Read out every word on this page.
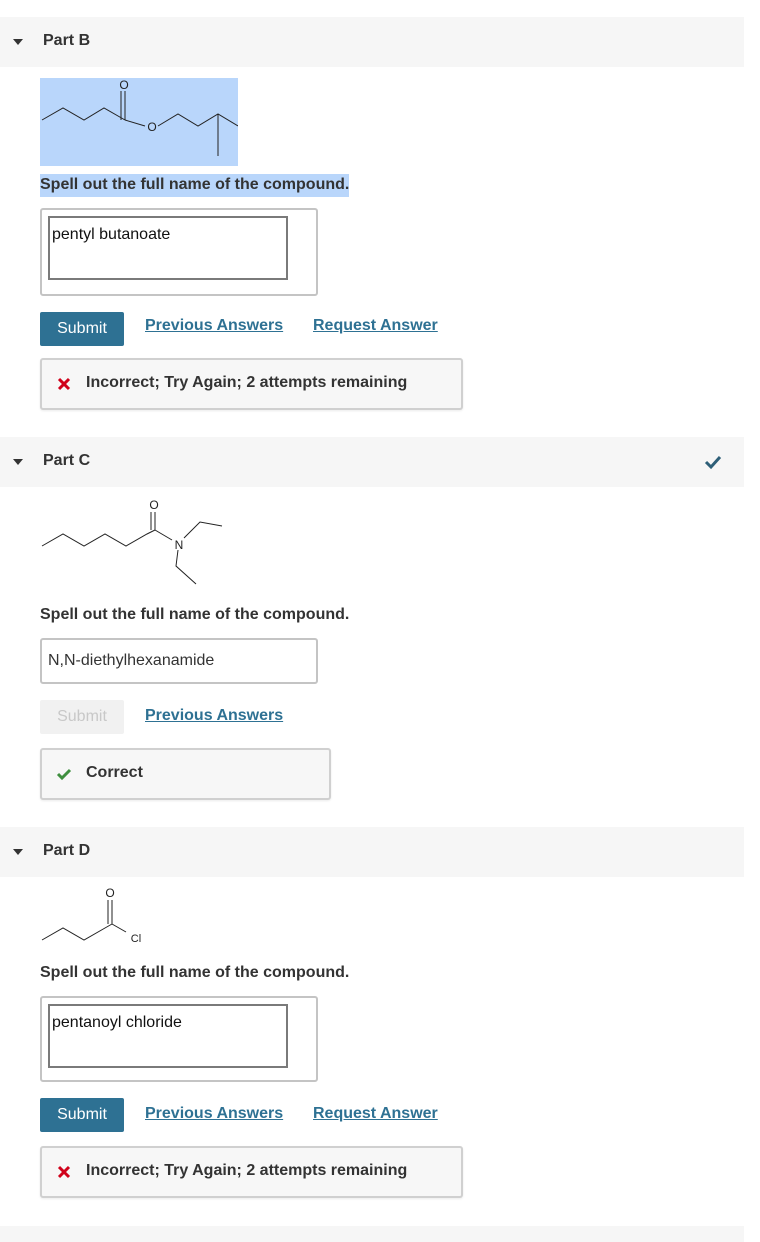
Part B
O
O
Spell out the full name of the compound.
pentyl butanoate
Submit	Previous Answers Request Answer
Incorrect; Try Again; 2 attempts remaining
Part C
O
N
Spell out the full name of the compound.
N,N-diethylhexanamide
Submit	Previous Answers
Correct
Part D
O
Cl
Spell out the full name of the compound.
pentanoyl chloride
Submit	Previous Answers Request Answer
Incorrect; Try Again; 2 attempts remaining
